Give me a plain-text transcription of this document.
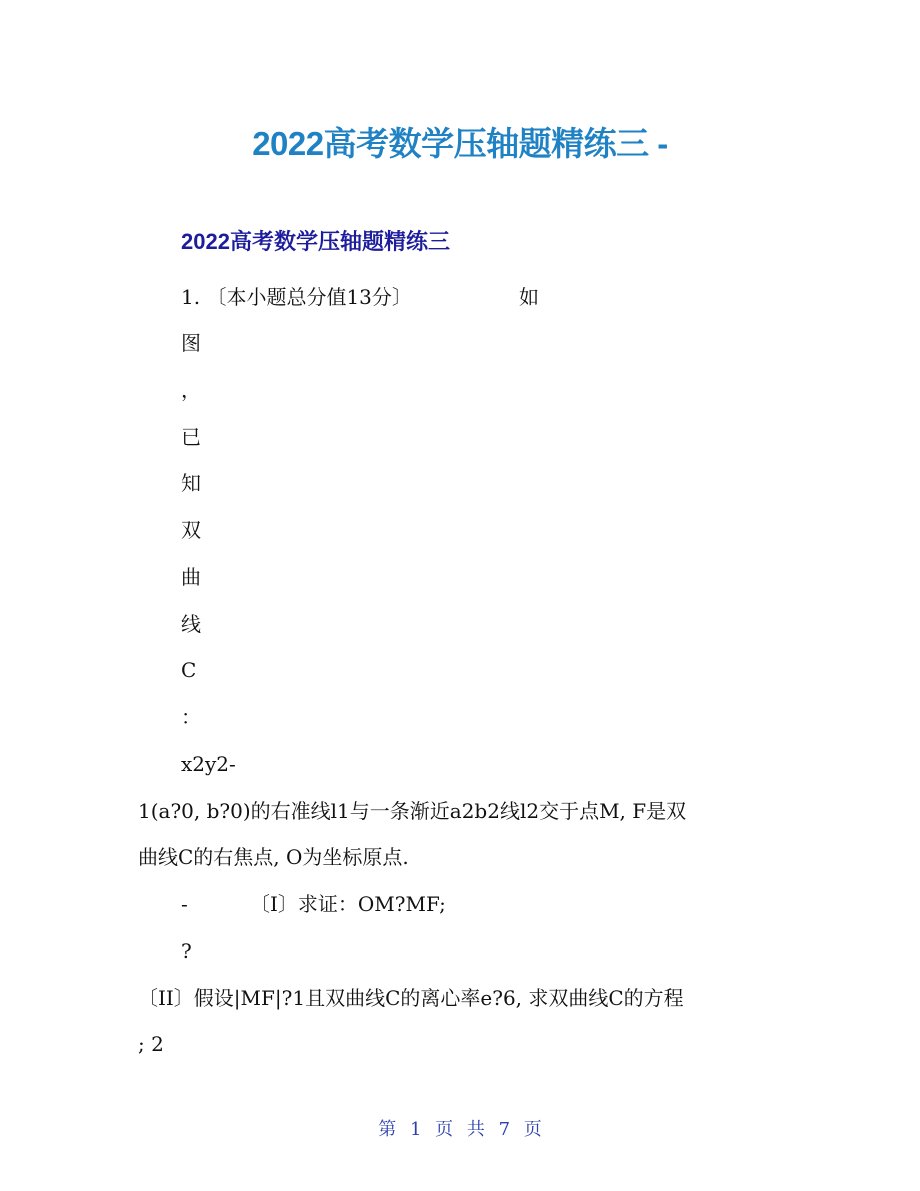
2022高考数学压轴题精练三 -
2022高考数学压轴题精练三
1. 〔本小题总分值13分〕	如
图
，
已
知
双
曲
线
C
：
x2y2-
1(a?0, b?0)的右准线l1与一条渐近a2b2线l2交于点M, F是双
曲线C的右焦点, O为坐标原点.
-	〔I〕求证：OM?MF;
?
〔II〕假设|MF|?1且双曲线C的离心率e?6, 求双曲线C的方程
; 2
第 1 页 共 7 页
